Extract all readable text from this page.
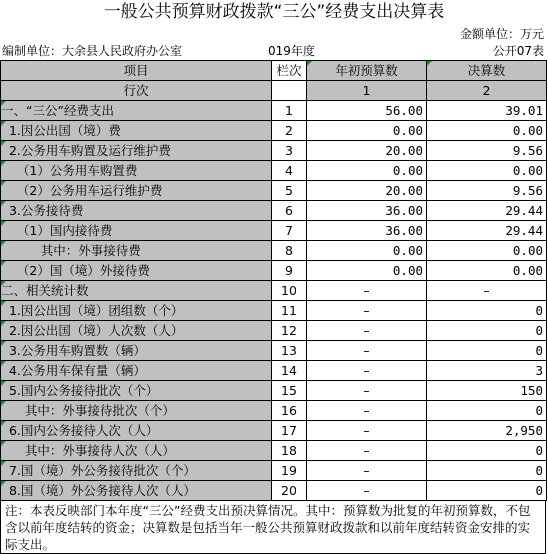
一般公共预算财政拨款“三公”经费支出决算表
金额单位：万元
编制单位：大余县人民政府办公室	019年度	公开07表
项目	栏次	年初预算数	决算数
行次		1	2
一、“三公”经费支出	1	56.00	39.01
1.因公出国（境）费	2	0.00	0.00
2.公务用车购置及运行维护费	3	20.00	9.56
（1）公务用车购置费	4	0.00	0.00
（2）公务用车运行维护费	5	20.00	9.56
3.公务接待费	6	36.00	29.44
（1）国内接待费	7	36.00	29.44
其中：外事接待费	8	0.00	0.00
（2）国（境）外接待费	9	0.00	0.00
二、相关统计数	10	–	–
1.因公出国（境）团组数（个）	11	–	0
2.因公出国（境）人次数（人）	12	–	0
3.公务用车购置数（辆）	13	–	0
4.公务用车保有量（辆）	14	–	3
5.国内公务接待批次（个）	15	–	150
其中：外事接待批次（个）	16	–	0
6.国内公务接待人次（人）	17	–	2,950
其中：外事接待人次（人）	18	–	0
7.国（境）外公务接待批次（个）	19	–	0
8.国（境）外公务接待人次（人）	20	–	0
注：本表反映部门本年度“三公”经费支出预决算情况。其中：预算数为批复的年初预算数，不包含以前年度结转的资金；决算数是包括当年一般公共预算财政拨款和以前年度结转资金安排的实际支出。
